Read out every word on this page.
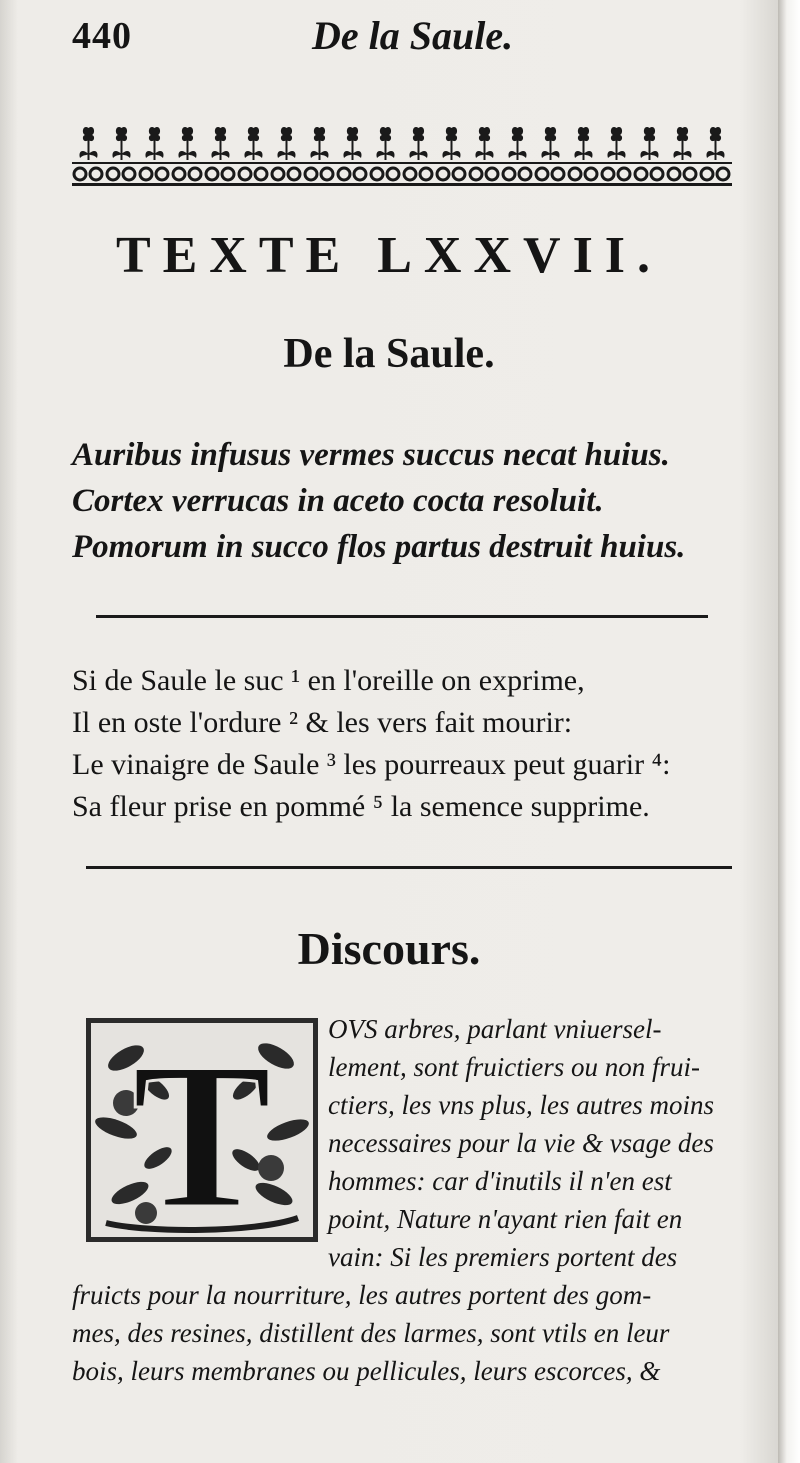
440	De la Saule.
TEXTE LXXVII.
De la Saule.
Auribus infusus vermes succus necat huius.
Cortex verrucas in aceto cocta resoluit.
Pomorum in succo flos partus destruit huius.
Si de Saule le suc ¹ en l'oreille on exprime,
Il en oste l'ordure ² & les vers fait mourir:
Le vinaigre de Saule ³ les pourreaux peut guarir ⁴:
Sa fleur prise en pommé ⁵ la semence supprime.
Discours.
T OVS arbres, parlant vniuersel-
lement, sont fruictiers ou non frui-
ctiers, les vns plus, les autres moins
necessaires pour la vie & vsage des
hommes: car d'inutils il n'en est
point, Nature n'ayant rien fait en
vain: Si les premiers portent des
fruicts pour la nourriture, les autres portent des gom-
mes, des resines, distillent des larmes, sont vtils en leur
bois, leurs membranes ou pellicules, leurs escorces, &
